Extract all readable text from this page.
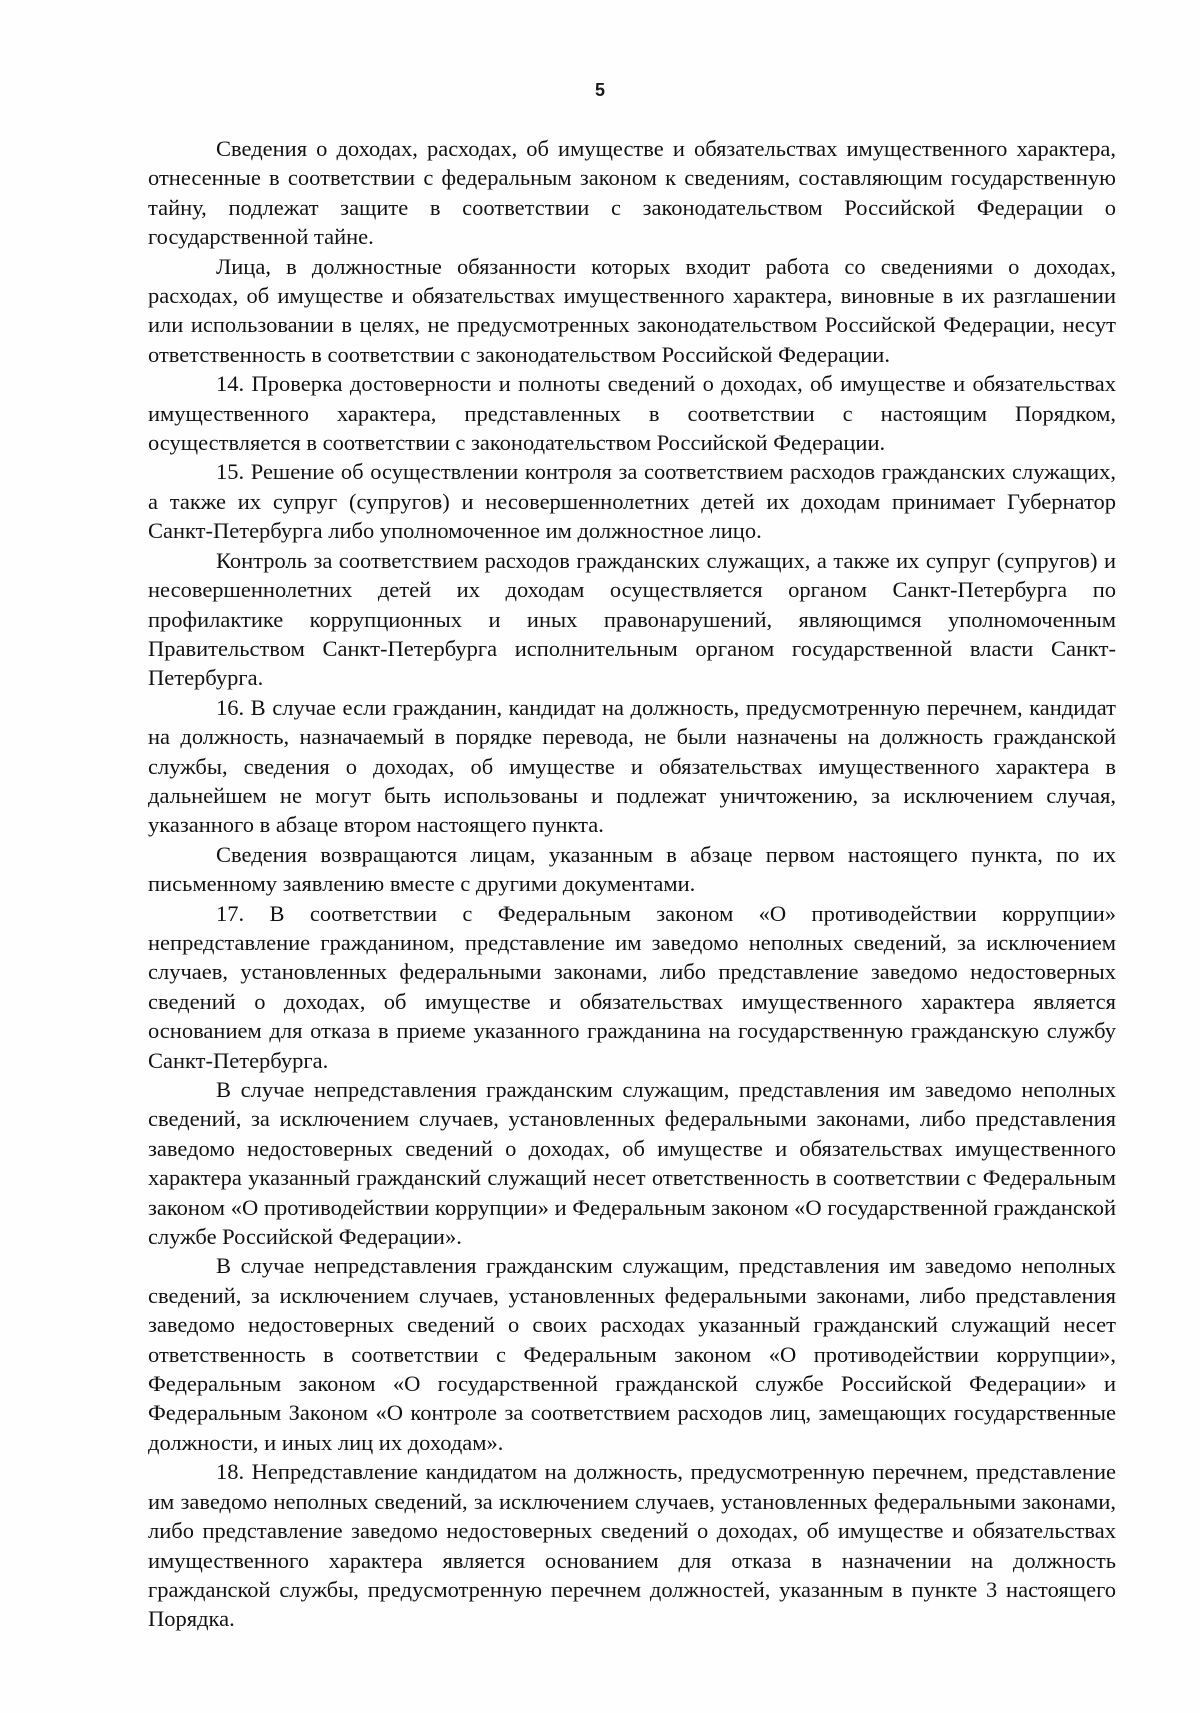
5

Сведения о доходах, расходах, об имуществе и обязательствах имущественного характера, отнесенные в соответствии с федеральным законом к сведениям, составляющим государственную тайну, подлежат защите в соответствии с законодательством Российской Федерации о государственной тайне.

Лица, в должностные обязанности которых входит работа со сведениями о доходах, расходах, об имуществе и обязательствах имущественного характера, виновные в их разглашении или использовании в целях, не предусмотренных законодательством Российской Федерации, несут ответственность в соответствии с законодательством Российской Федерации.

14. Проверка достоверности и полноты сведений о доходах, об имуществе и обязательствах имущественного характера, представленных в соответствии с настоящим Порядком, осуществляется в соответствии с законодательством Российской Федерации.

15. Решение об осуществлении контроля за соответствием расходов гражданских служащих, а также их супруг (супругов) и несовершеннолетних детей их доходам принимает Губернатор Санкт-Петербурга либо уполномоченное им должностное лицо.

Контроль за соответствием расходов гражданских служащих, а также их супруг (супругов) и несовершеннолетних детей их доходам осуществляется органом Санкт-Петербурга по профилактике коррупционных и иных правонарушений, являющимся уполномоченным Правительством Санкт-Петербурга исполнительным органом государственной власти Санкт-Петербурга.

16. В случае если гражданин, кандидат на должность, предусмотренную перечнем, кандидат на должность, назначаемый в порядке перевода, не были назначены на должность гражданской службы, сведения о доходах, об имуществе и обязательствах имущественного характера в дальнейшем не могут быть использованы и подлежат уничтожению, за исключением случая, указанного в абзаце втором настоящего пункта.

Сведения возвращаются лицам, указанным в абзаце первом настоящего пункта, по их письменному заявлению вместе с другими документами.

17. В соответствии с Федеральным законом «О противодействии коррупции» непредставление гражданином, представление им заведомо неполных сведений, за исключением случаев, установленных федеральными законами, либо представление заведомо недостоверных сведений о доходах, об имуществе и обязательствах имущественного характера является основанием для отказа в приеме указанного гражданина на государственную гражданскую службу Санкт-Петербурга.

В случае непредставления гражданским служащим, представления им заведомо неполных сведений, за исключением случаев, установленных федеральными законами, либо представления заведомо недостоверных сведений о доходах, об имуществе и обязательствах имущественного характера указанный гражданский служащий несет ответственность в соответствии с Федеральным законом «О противодействии коррупции» и Федеральным законом «О государственной гражданской службе Российской Федерации».

В случае непредставления гражданским служащим, представления им заведомо неполных сведений, за исключением случаев, установленных федеральными законами, либо представления заведомо недостоверных сведений о своих расходах указанный гражданский служащий несет ответственность в соответствии с Федеральным законом «О противодействии коррупции», Федеральным законом «О государственной гражданской службе Российской Федерации» и Федеральным Законом «О контроле за соответствием расходов лиц, замещающих государственные должности, и иных лиц их доходам».

18. Непредставление кандидатом на должность, предусмотренную перечнем, представление им заведомо неполных сведений, за исключением случаев, установленных федеральными законами, либо представление заведомо недостоверных сведений о доходах, об имуществе и обязательствах имущественного характера является основанием для отказа в назначении на должность гражданской службы, предусмотренную перечнем должностей, указанным в пункте 3 настоящего Порядка.
